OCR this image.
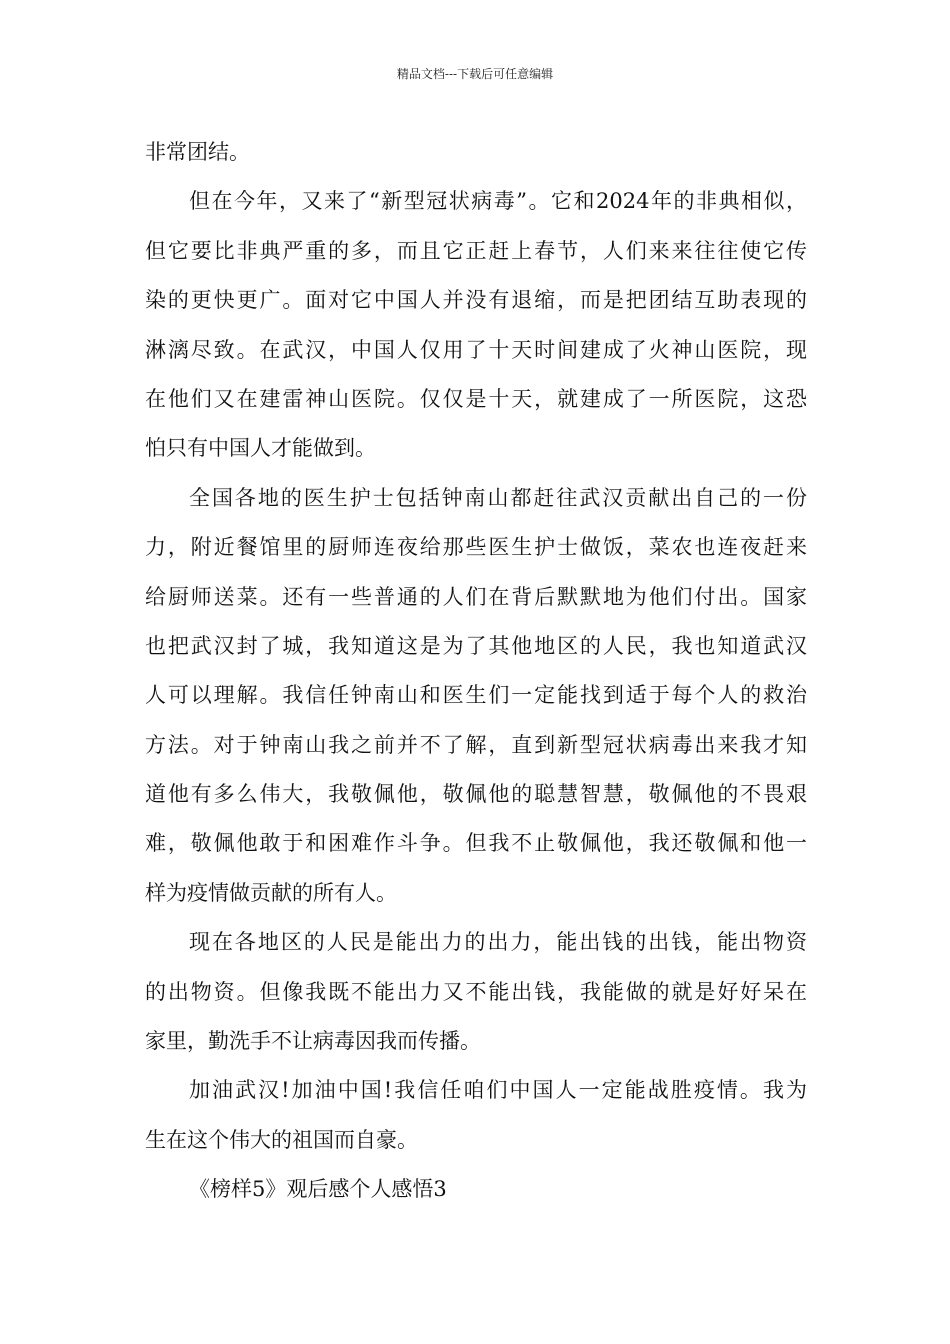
精品文档---下载后可任意编辑
非常团结。
但在今年，又来了“新型冠状病毒”。它和2024年的非典相似，
但它要比非典严重的多，而且它正赶上春节，人们来来往往使它传
染的更快更广。面对它中国人并没有退缩，而是把团结互助表现的
淋漓尽致。在武汉，中国人仅用了十天时间建成了火神山医院，现
在他们又在建雷神山医院。仅仅是十天，就建成了一所医院，这恐
怕只有中国人才能做到。
全国各地的医生护士包括钟南山都赶往武汉贡献出自己的一份
力，附近餐馆里的厨师连夜给那些医生护士做饭，菜农也连夜赶来
给厨师送菜。还有一些普通的人们在背后默默地为他们付出。国家
也把武汉封了城，我知道这是为了其他地区的人民，我也知道武汉
人可以理解。我信任钟南山和医生们一定能找到适于每个人的救治
方法。对于钟南山我之前并不了解，直到新型冠状病毒出来我才知
道他有多么伟大，我敬佩他，敬佩他的聪慧智慧，敬佩他的不畏艰
难，敬佩他敢于和困难作斗争。但我不止敬佩他，我还敬佩和他一
样为疫情做贡献的所有人。
现在各地区的人民是能出力的出力，能出钱的出钱，能出物资
的出物资。但像我既不能出力又不能出钱，我能做的就是好好呆在
家里，勤洗手不让病毒因我而传播。
加油武汉!加油中国!我信任咱们中国人一定能战胜疫情。我为
生在这个伟大的祖国而自豪。
《榜样5》观后感个人感悟3
